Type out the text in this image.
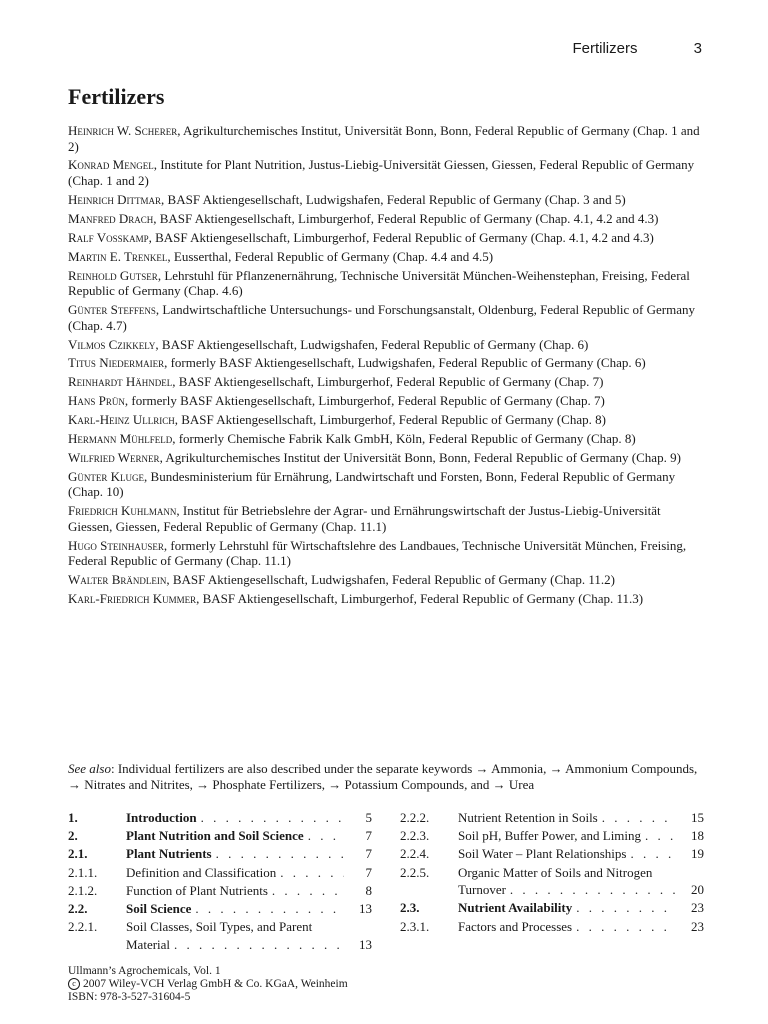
Fertilizers	3
Fertilizers

Heinrich W. Scherer, Agrikulturchemisches Institut, Universität Bonn, Bonn, Federal Republic of Germany (Chap. 1 and 2)

Konrad Mengel, Institute for Plant Nutrition, Justus-Liebig-Universität Giessen, Giessen, Federal Republic of Germany (Chap. 1 and 2)

Heinrich Dittmar, BASF Aktiengesellschaft, Ludwigshafen, Federal Republic of Germany (Chap. 3 and 5)

Manfred Drach, BASF Aktiengesellschaft, Limburgerhof, Federal Republic of Germany (Chap. 4.1, 4.2 and 4.3)

Ralf Vosskamp, BASF Aktiengesellschaft, Limburgerhof, Federal Republic of Germany (Chap. 4.1, 4.2 and 4.3)

Martin E. Trenkel, Eusserthal, Federal Republic of Germany (Chap. 4.4 and 4.5)

Reinhold Gutser, Lehrstuhl für Pflanzenernährung, Technische Universität München-Weihenstephan, Freising, Federal Republic of Germany (Chap. 4.6)

Günter Steffens, Landwirtschaftliche Untersuchungs- und Forschungsanstalt, Oldenburg, Federal Republic of Germany (Chap. 4.7)

Vilmos Czikkely, BASF Aktiengesellschaft, Ludwigshafen, Federal Republic of Germany (Chap. 6)

Titus Niedermaier, formerly BASF Aktiengesellschaft, Ludwigshafen, Federal Republic of Germany (Chap. 6)

Reinhardt Hähndel, BASF Aktiengesellschaft, Limburgerhof, Federal Republic of Germany (Chap. 7)

Hans Prün, formerly BASF Aktiengesellschaft, Limburgerhof, Federal Republic of Germany (Chap. 7)

Karl-Heinz Ullrich, BASF Aktiengesellschaft, Limburgerhof, Federal Republic of Germany (Chap. 8)

Hermann Mühlfeld, formerly Chemische Fabrik Kalk GmbH, Köln, Federal Republic of Germany (Chap. 8)

Wilfried Werner, Agrikulturchemisches Institut der Universität Bonn, Bonn, Federal Republic of Germany (Chap. 9)

Günter Kluge, Bundesministerium für Ernährung, Landwirtschaft und Forsten, Bonn, Federal Republic of Germany (Chap. 10)

Friedrich Kuhlmann, Institut für Betriebslehre der Agrar- und Ernährungswirtschaft der Justus-Liebig-Universität Giessen, Giessen, Federal Republic of Germany (Chap. 11.1)

Hugo Steinhauser, formerly Lehrstuhl für Wirtschaftslehre des Landbaues, Technische Universität München, Freising, Federal Republic of Germany (Chap. 11.1)

Walter Brändlein, BASF Aktiengesellschaft, Ludwigshafen, Federal Republic of Germany (Chap. 11.2)

Karl-Friedrich Kummer, BASF Aktiengesellschaft, Limburgerhof, Federal Republic of Germany (Chap. 11.3)

See also: Individual fertilizers are also described under the separate keywords → Ammonia, → Ammonium Compounds, → Nitrates and Nitrites, → Phosphate Fertilizers, → Potassium Compounds, and → Urea

1.	Introduction . . .	5
2.	Plant Nutrition and Soil Science . . .	7
2.1.	Plant Nutrients . . .	7
2.1.1.	Definition and Classification . . .	7
2.1.2.	Function of Plant Nutrients . . .	8
2.2.	Soil Science . . .	13
2.2.1.	Soil Classes, Soil Types, and Parent
Material . . .	13
2.2.2.	Nutrient Retention in Soils . . .	15
2.2.3.	Soil pH, Buffer Power, and Liming . . .	18
2.2.4.	Soil Water – Plant Relationships . . .	19
2.2.5.	Organic Matter of Soils and Nitrogen
Turnover . . .	20
2.3.	Nutrient Availability . . .	23
2.3.1.	Factors and Processes . . .	23
Ullmann’s Agrochemicals, Vol. 1
c 2007 Wiley-VCH Verlag GmbH & Co. KGaA, Weinheim
ISBN: 978-3-527-31604-5
